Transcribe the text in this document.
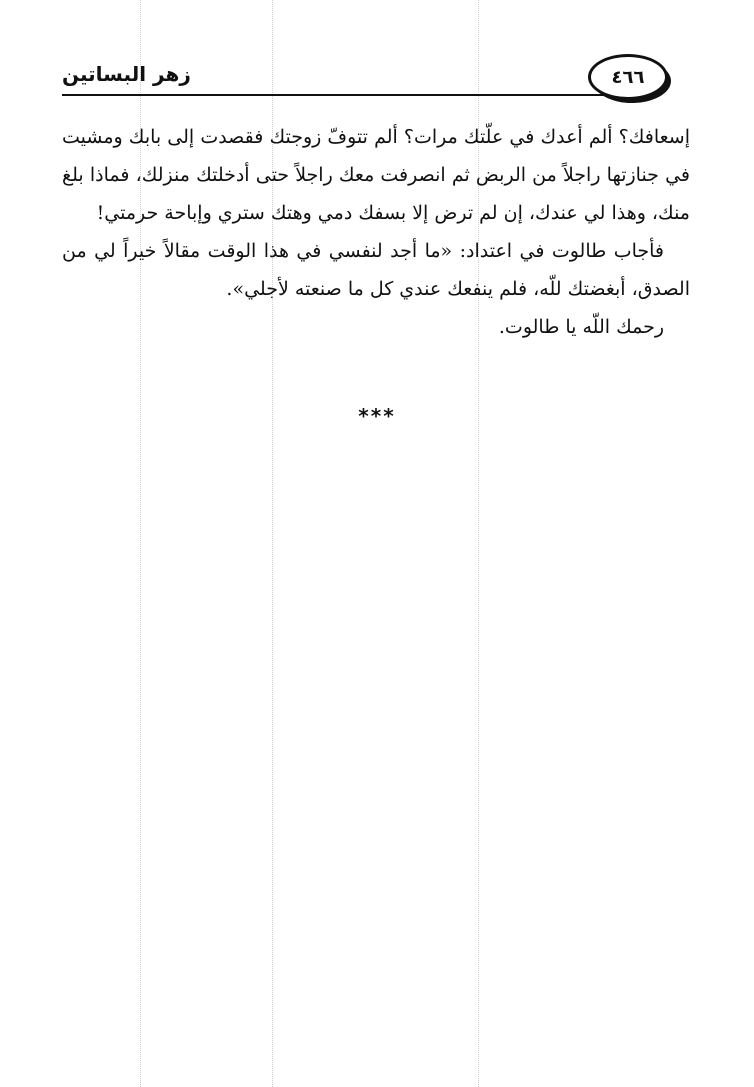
زهر البساتين	٤٦٦

إسعافك؟ ألم أعدك في علّتك مرات؟ ألم تتوفّ زوجتك فقصدت إلى بابك ومشيت في جنازتها راجلاً من الربض ثم انصرفت معك راجلاً حتى أدخلتك منزلك، فماذا بلغ منك، وهذا لي عندك، إن لم ترض إلا بسفك دمي وهتك ستري وإباحة حرمتي!

فأجاب طالوت في اعتداد: «ما أجد لنفسي في هذا الوقت مقالاً خيراً لي من الصدق، أبغضتك للّه، فلم ينفعك عندي كل ما صنعته لأجلي».

رحمك اللّه يا طالوت.

***
